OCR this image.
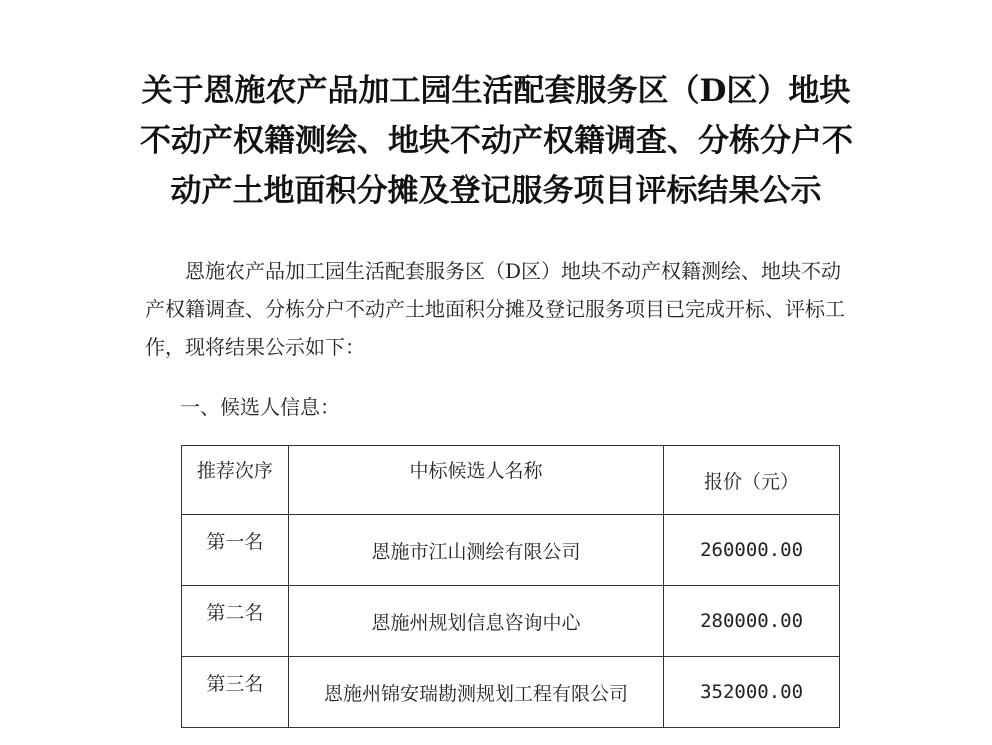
关于恩施农产品加工园生活配套服务区（D区）地块
不动产权籍测绘、地块不动产权籍调查、分栋分户不
动产土地面积分摊及登记服务项目评标结果公示
恩施农产品加工园生活配套服务区（D区）地块不动产权籍测绘、地块不动
产权籍调查、分栋分户不动产土地面积分摊及登记服务项目已完成开标、评标工
作，现将结果公示如下：
一、候选人信息：
推荐次序	中标候选人名称	报价（元）
第一名	恩施市江山测绘有限公司	260000.00
第二名	恩施州规划信息咨询中心	280000.00
第三名	恩施州锦安瑞勘测规划工程有限公司	352000.00
